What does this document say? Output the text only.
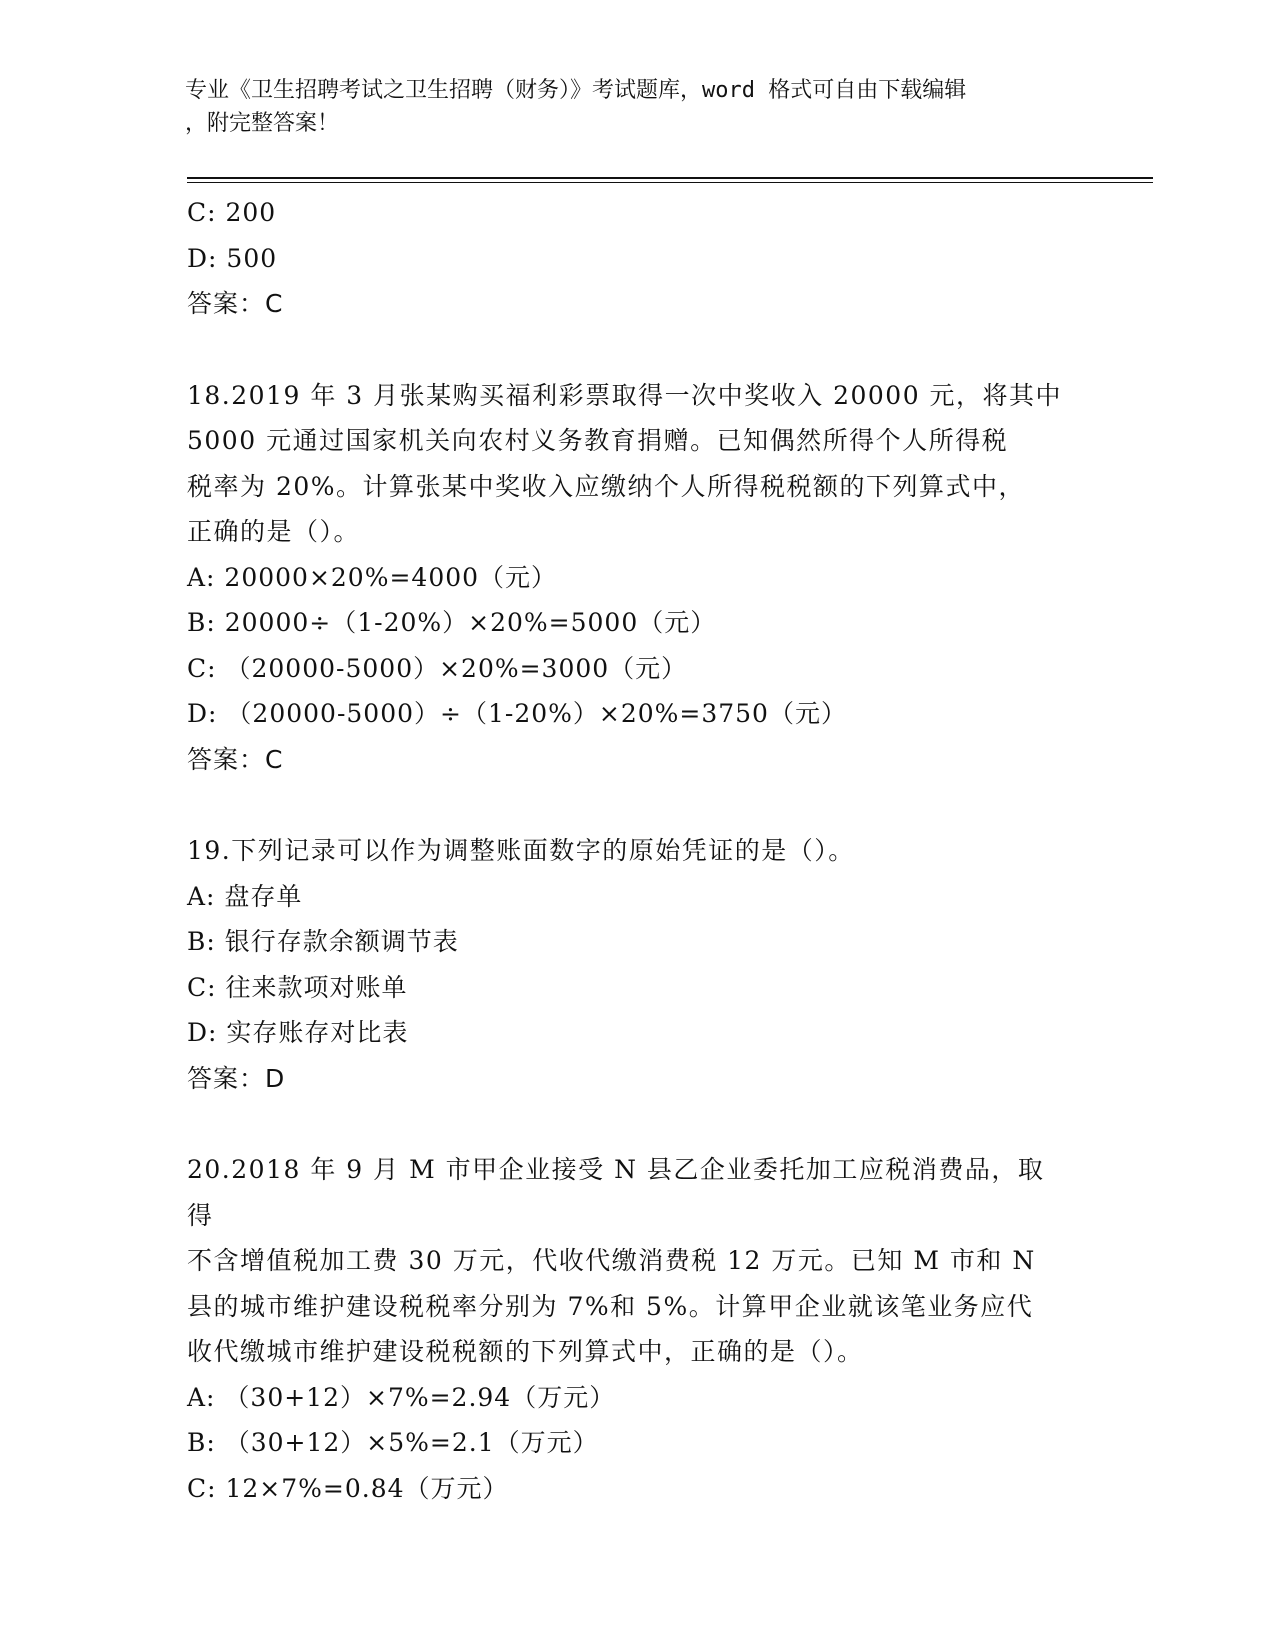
专业《卫生招聘考试之卫生招聘（财务）》考试题库，word 格式可自由下载编辑
，附完整答案！
C: 200
D: 500
答案：C
18.2019 年 3 月张某购买福利彩票取得一次中奖收入 20000 元，将其中
5000 元通过国家机关向农村义务教育捐赠。已知偶然所得个人所得税
税率为 20%。计算张某中奖收入应缴纳个人所得税税额的下列算式中，
正确的是（）。
A: 20000×20%=4000（元）
B: 20000÷（1-20%）×20%=5000（元）
C: （20000-5000）×20%=3000（元）
D: （20000-5000）÷（1-20%）×20%=3750（元）
答案：C
19.下列记录可以作为调整账面数字的原始凭证的是（）。
A: 盘存单
B: 银行存款余额调节表
C: 往来款项对账单
D: 实存账存对比表
答案：D
20.2018 年 9 月 M 市甲企业接受 N 县乙企业委托加工应税消费品，取得
不含增值税加工费 30 万元，代收代缴消费税 12 万元。已知 M 市和 N
县的城市维护建设税税率分别为 7%和 5%。计算甲企业就该笔业务应代
收代缴城市维护建设税税额的下列算式中，正确的是（）。
A: （30+12）×7%=2.94（万元）
B: （30+12）×5%=2.1（万元）
C: 12×7%=0.84（万元）
